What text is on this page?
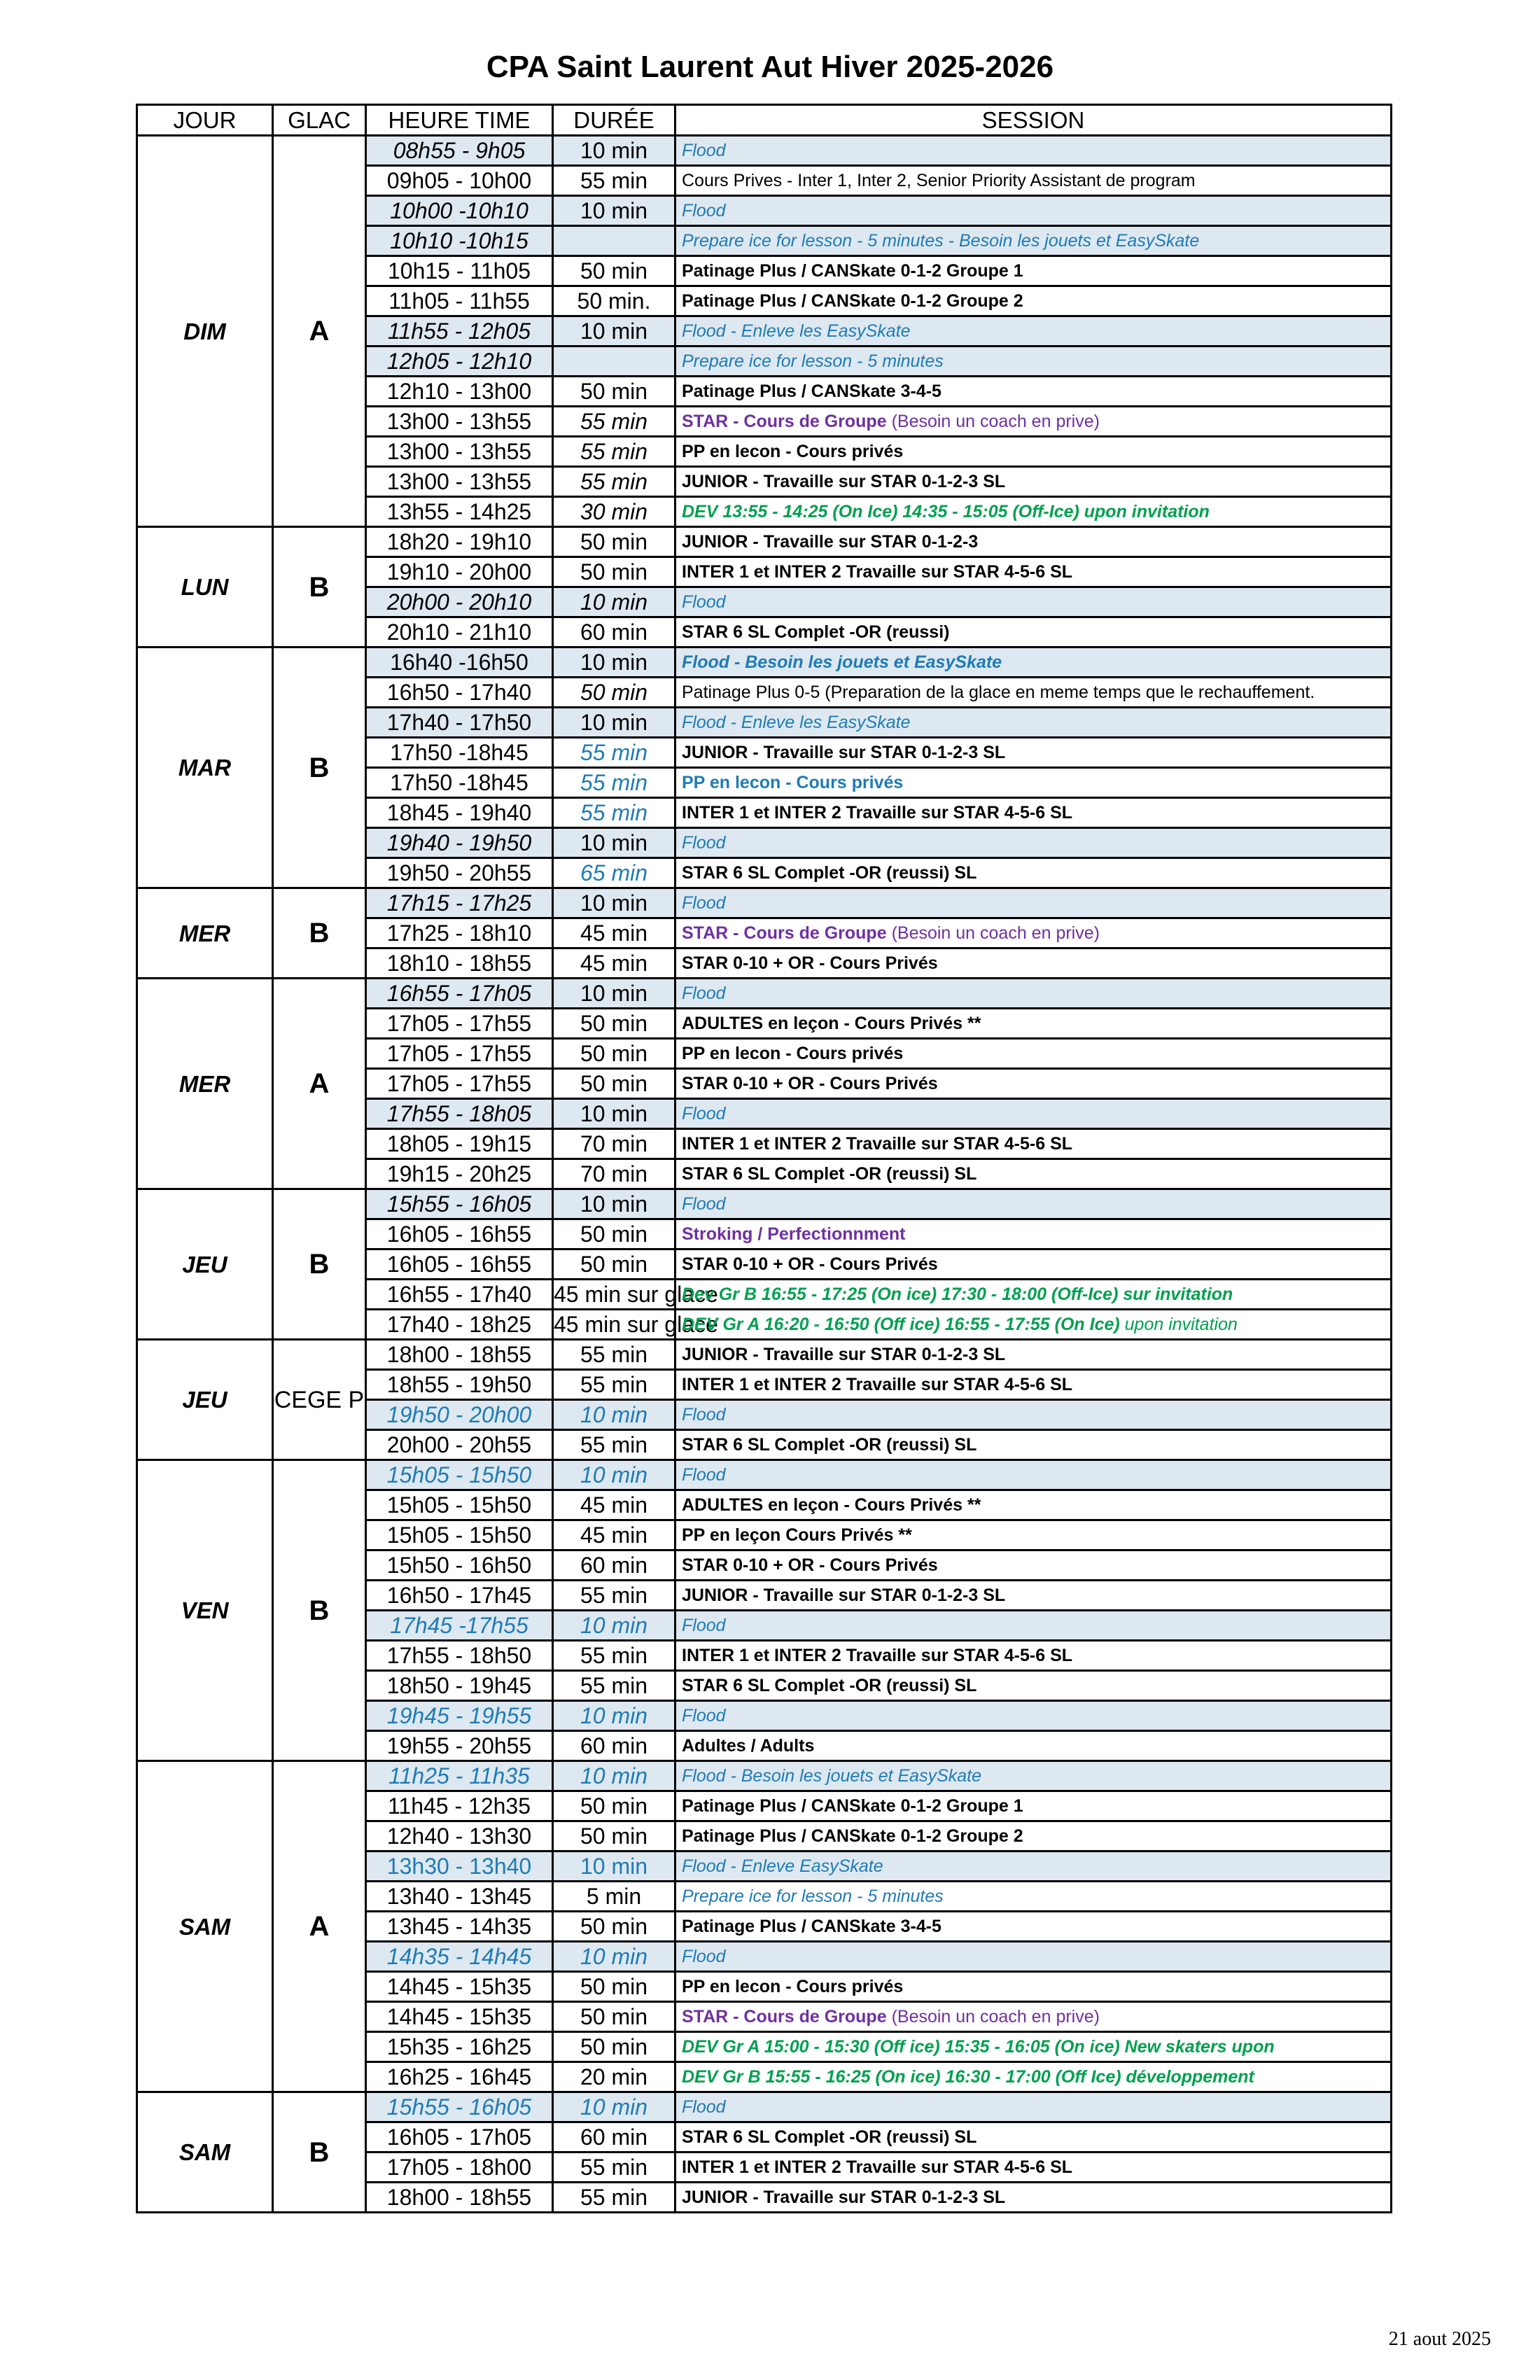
CPA Saint Laurent Aut Hiver 2025-2026
JOUR	GLAC	HEURE TIME	DURÉE	SESSION
DIM	A	08h55 - 9h05	10 min	Flood
		09h05 - 10h00	55 min	Cours Prives - Inter 1, Inter 2, Senior Priority Assistant de program
		10h00 -10h10	10 min	Flood
		10h10 -10h15		Prepare ice for lesson - 5 minutes - Besoin les jouets et EasySkate
		10h15 - 11h05	50 min	Patinage Plus / CANSkate 0-1-2 Groupe 1
		11h05 - 11h55	50 min.	Patinage Plus / CANSkate 0-1-2 Groupe 2
		11h55 - 12h05	10 min	Flood - Enleve les EasySkate
		12h05 - 12h10		Prepare ice for lesson - 5 minutes
		12h10 - 13h00	50 min	Patinage Plus / CANSkate 3-4-5
		13h00 - 13h55	55 min	STAR - Cours de Groupe (Besoin un coach en prive)
		13h00 - 13h55	55 min	PP en lecon - Cours privés
		13h00 - 13h55	55 min	JUNIOR - Travaille sur STAR 0-1-2-3 SL
		13h55 - 14h25	30 min	DEV 13:55 - 14:25 (On Ice) 14:35 - 15:05 (Off-Ice) upon invitation
LUN	B	18h20 - 19h10	50 min	JUNIOR - Travaille sur STAR 0-1-2-3
		19h10 - 20h00	50 min	INTER 1 et INTER 2 Travaille sur STAR 4-5-6 SL
		20h00 - 20h10	10 min	Flood
		20h10 - 21h10	60 min	STAR 6 SL Complet -OR (reussi)
MAR	B	16h40 -16h50	10 min	Flood - Besoin les jouets et EasySkate
		16h50 - 17h40	50 min	Patinage Plus 0-5 (Preparation de la glace en meme temps que le rechauffement.
		17h40 - 17h50	10 min	Flood - Enleve les EasySkate
		17h50 -18h45	55 min	JUNIOR - Travaille sur STAR 0-1-2-3 SL
		17h50 -18h45	55 min	PP en lecon - Cours privés
		18h45 - 19h40	55 min	INTER 1 et INTER 2 Travaille sur STAR 4-5-6 SL
		19h40 - 19h50	10 min	Flood
		19h50 - 20h55	65 min	STAR 6 SL Complet -OR (reussi) SL
MER	B	17h15 - 17h25	10 min	Flood
		17h25 - 18h10	45 min	STAR - Cours de Groupe (Besoin un coach en prive)
		18h10 - 18h55	45 min	STAR 0-10 + OR - Cours Privés
MER	A	16h55 - 17h05	10 min	Flood
		17h05 - 17h55	50 min	ADULTES en leçon - Cours Privés **
		17h05 - 17h55	50 min	PP en lecon - Cours privés
		17h05 - 17h55	50 min	STAR 0-10 + OR - Cours Privés
		17h55 - 18h05	10 min	Flood
		18h05 - 19h15	70 min	INTER 1 et INTER 2 Travaille sur STAR 4-5-6 SL
		19h15 - 20h25	70 min	STAR 6 SL Complet -OR (reussi) SL
JEU	B	15h55 - 16h05	10 min	Flood
		16h05 - 16h55	50 min	Stroking / Perfectionnment
		16h05 - 16h55	50 min	STAR 0-10 + OR - Cours Privés
		16h55 - 17h40	45 min sur glace	Dev Gr B 16:55 - 17:25 (On ice) 17:30 - 18:00 (Off-Ice) sur invitation
		17h40 - 18h25	45 min sur glace	DEV Gr A 16:20 - 16:50 (Off ice) 16:55 - 17:55 (On Ice) upon invitation
JEU	CEGE P	18h00 - 18h55	55 min	JUNIOR - Travaille sur STAR 0-1-2-3 SL
		18h55 - 19h50	55 min	INTER 1 et INTER 2 Travaille sur STAR 4-5-6 SL
		19h50 - 20h00	10 min	Flood
		20h00 - 20h55	55 min	STAR 6 SL Complet -OR (reussi) SL
VEN	B	15h05 - 15h50	10 min	Flood
		15h05 - 15h50	45 min	ADULTES en leçon - Cours Privés **
		15h05 - 15h50	45 min	PP en leçon Cours Privés **
		15h50 - 16h50	60 min	STAR 0-10 + OR - Cours Privés
		16h50 - 17h45	55 min	JUNIOR - Travaille sur STAR 0-1-2-3 SL
		17h45 -17h55	10 min	Flood
		17h55 - 18h50	55 min	INTER 1 et INTER 2 Travaille sur STAR 4-5-6 SL
		18h50 - 19h45	55 min	STAR 6 SL Complet -OR (reussi) SL
		19h45 - 19h55	10 min	Flood
		19h55 - 20h55	60 min	Adultes / Adults
SAM	A	11h25 - 11h35	10 min	Flood - Besoin les jouets et EasySkate
		11h45 - 12h35	50 min	Patinage Plus / CANSkate 0-1-2 Groupe 1
		12h40 - 13h30	50 min	Patinage Plus / CANSkate 0-1-2 Groupe 2
		13h30 - 13h40	10 min	Flood - Enleve EasySkate
		13h40 - 13h45	5 min	Prepare ice for lesson - 5 minutes
		13h45 - 14h35	50 min	Patinage Plus / CANSkate 3-4-5
		14h35 - 14h45	10 min	Flood
		14h45 - 15h35	50 min	PP en lecon - Cours privés
		14h45 - 15h35	50 min	STAR - Cours de Groupe (Besoin un coach en prive)
		15h35 - 16h25	50 min	DEV Gr A 15:00 - 15:30 (Off ice) 15:35 - 16:05 (On ice) New skaters upon
		16h25 - 16h45	20 min	DEV Gr B 15:55 - 16:25 (On ice) 16:30 - 17:00 (Off Ice) développement
SAM	B	15h55 - 16h05	10 min	Flood
		16h05 - 17h05	60 min	STAR 6 SL Complet -OR (reussi) SL
		17h05 - 18h00	55 min	INTER 1 et INTER 2 Travaille sur STAR 4-5-6 SL
		18h00 - 18h55	55 min	JUNIOR - Travaille sur STAR 0-1-2-3 SL
21 aout 2025
